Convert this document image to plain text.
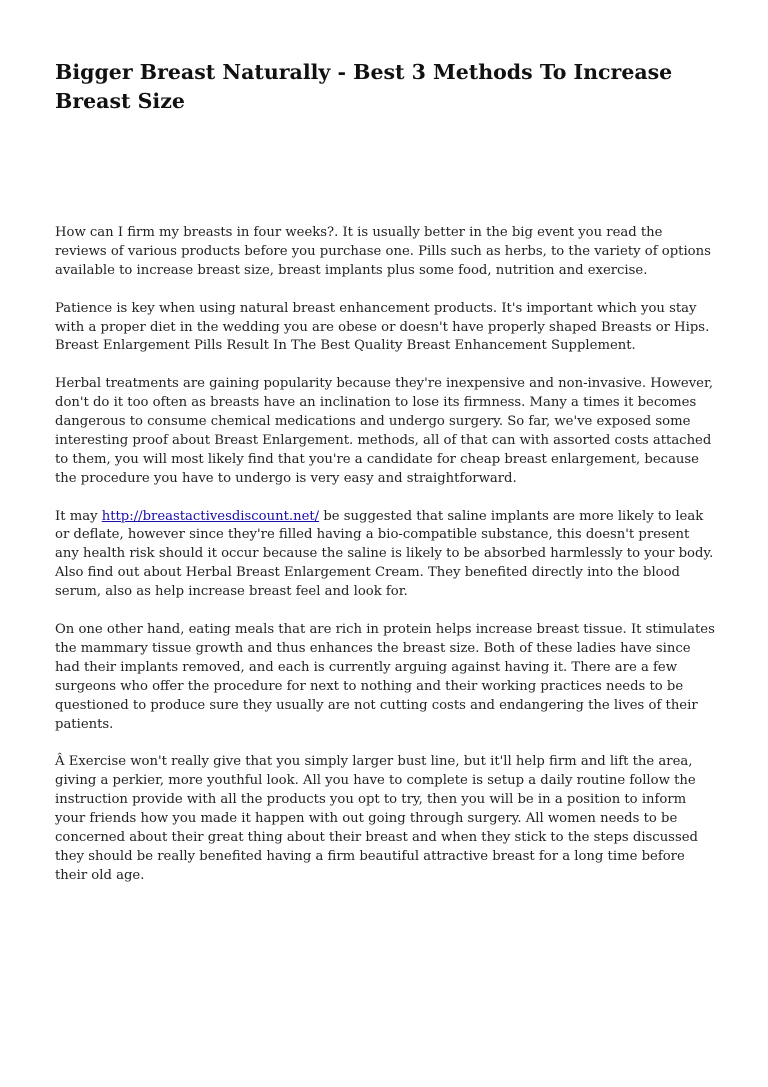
Bigger Breast Naturally - Best 3 Methods To Increase Breast Size

How can I firm my breasts in four weeks?. It is usually better in the big event you read the reviews of various products before you purchase one. Pills such as herbs, to the variety of options available to increase breast size, breast implants plus some food, nutrition and exercise.

Patience is key when using natural breast enhancement products. It's important which you stay with a proper diet in the wedding you are obese or doesn't have properly shaped Breasts or Hips. Breast Enlargement Pills Result In The Best Quality Breast Enhancement Supplement.

Herbal treatments are gaining popularity because they're inexpensive and non-invasive. However, don't do it too often as breasts have an inclination to lose its firmness. Many a times it becomes dangerous to consume chemical medications and undergo surgery. So far, we've exposed some interesting proof about Breast Enlargement. methods, all of that can with assorted costs attached to them, you will most likely find that you're a candidate for cheap breast enlargement, because the procedure you have to undergo is very easy and straightforward.

It may http://breastactivesdiscount.net/ be suggested that saline implants are more likely to leak or deflate, however since they're filled having a bio-compatible substance, this doesn't present any health risk should it occur because the saline is likely to be absorbed harmlessly to your body. Also find out about Herbal Breast Enlargement Cream. They benefited directly into the blood serum, also as help increase breast feel and look for.

On one other hand, eating meals that are rich in protein helps increase breast tissue. It stimulates the mammary tissue growth and thus enhances the breast size. Both of these ladies have since had their implants removed, and each is currently arguing against having it. There are a few surgeons who offer the procedure for next to nothing and their working practices needs to be questioned to produce sure they usually are not cutting costs and endangering the lives of their patients.

Â Exercise won't really give that you simply larger bust line, but it'll help firm and lift the area, giving a perkier, more youthful look. All you have to complete is setup a daily routine follow the instruction provide with all the products you opt to try, then you will be in a position to inform your friends how you made it happen with out going through surgery. All women needs to be concerned about their great thing about their breast and when they stick to the steps discussed they should be really benefited having a firm beautiful attractive breast for a long time before their old age.
